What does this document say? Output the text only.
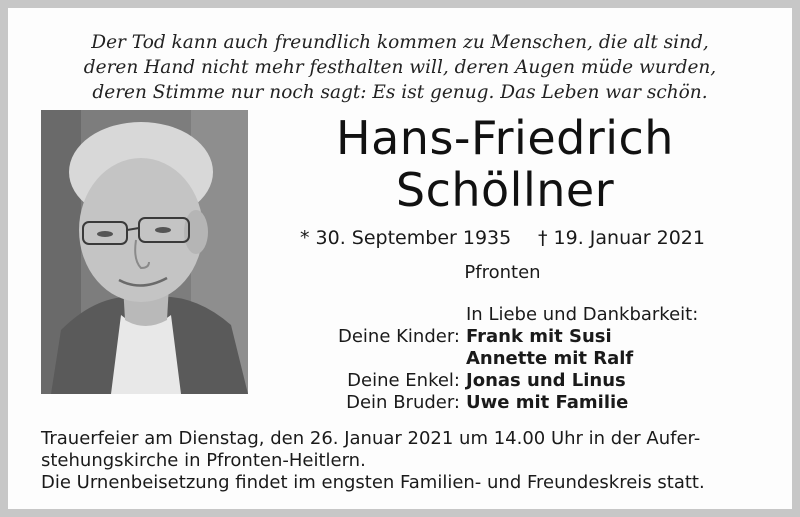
Der Tod kann auch freundlich kommen zu Menschen, die alt sind,
deren Hand nicht mehr festhalten will, deren Augen müde wurden,
deren Stimme nur noch sagt: Es ist genug. Das Leben war schön.
Hans-Friedrich
Schöllner
* 30. September 1935 † 19. Januar 2021
Pfronten
In Liebe und Dankbarkeit:
Deine Kinder: Frank mit Susi
Annette mit Ralf
Deine Enkel: Jonas und Linus
Dein Bruder: Uwe mit Familie
Trauerfeier am Dienstag, den 26. Januar 2021 um 14.00 Uhr in der Aufer-
stehungskirche in Pfronten-Heitlern.
Die Urnenbeisetzung findet im engsten Familien- und Freundeskreis statt.
